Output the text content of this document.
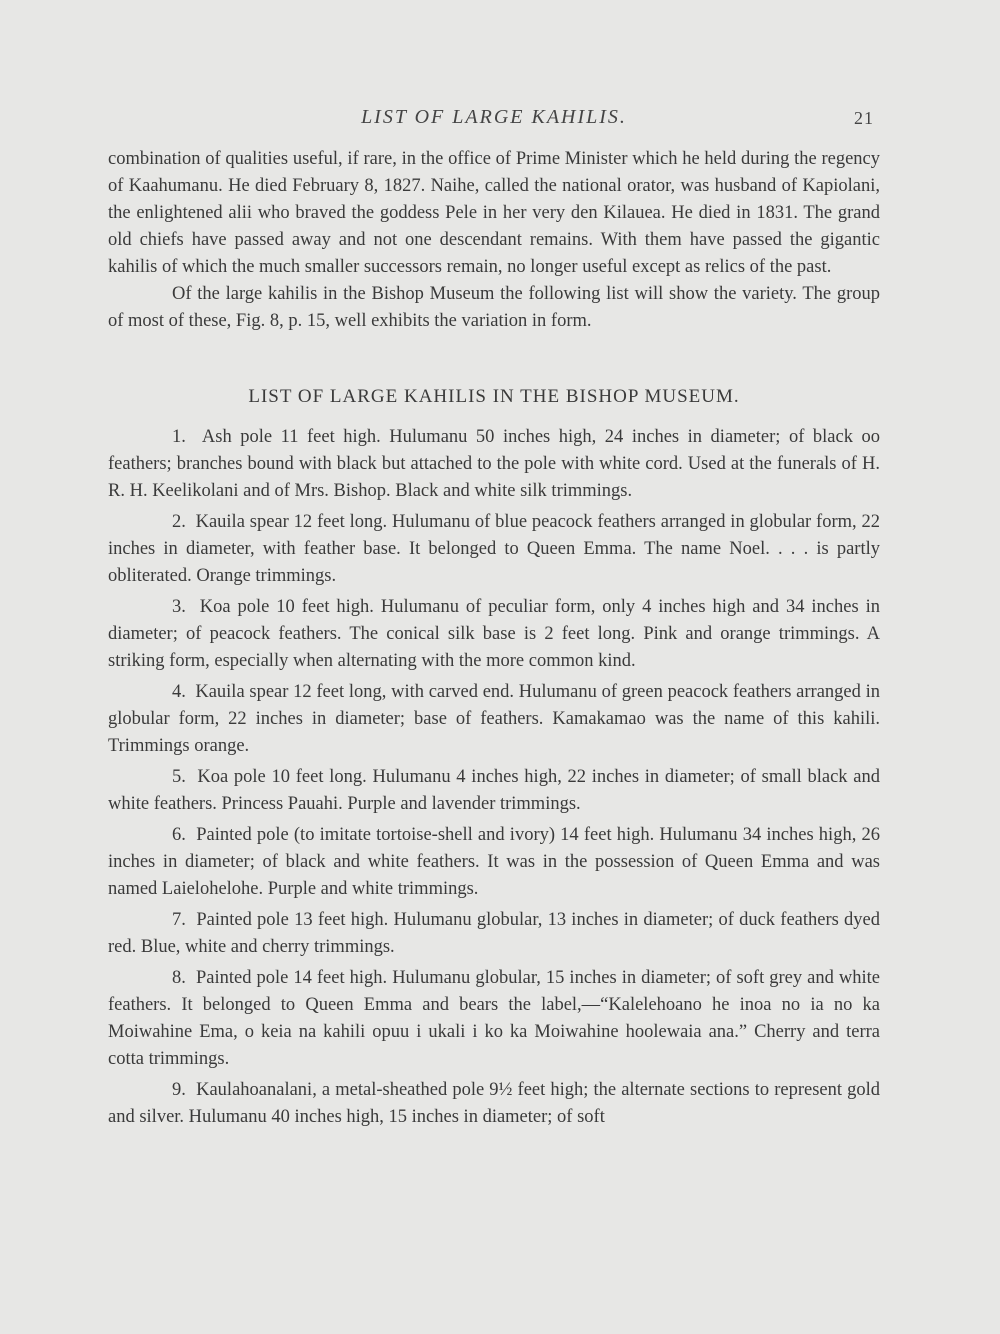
LIST OF LARGE KAHILIS.	21

combination of qualities useful, if rare, in the office of Prime Minister which he held during the regency of Kaahumanu. He died February 8, 1827. Naihe, called the national orator, was husband of Kapiolani, the enlightened alii who braved the goddess Pele in her very den Kilauea. He died in 1831. The grand old chiefs have passed away and not one descendant remains. With them have passed the gigantic kahilis of which the much smaller successors remain, no longer useful except as relics of the past.

Of the large kahilis in the Bishop Museum the following list will show the variety. The group of most of these, Fig. 8, p. 15, well exhibits the variation in form.

LIST OF LARGE KAHILIS IN THE BISHOP MUSEUM.

1. Ash pole 11 feet high. Hulumanu 50 inches high, 24 inches in diameter; of black oo feathers; branches bound with black but attached to the pole with white cord. Used at the funerals of H. R. H. Keelikolani and of Mrs. Bishop. Black and white silk trimmings.

2. Kauila spear 12 feet long. Hulumanu of blue peacock feathers arranged in globular form, 22 inches in diameter, with feather base. It belonged to Queen Emma. The name Noel. . . . is partly obliterated. Orange trimmings.

3. Koa pole 10 feet high. Hulumanu of peculiar form, only 4 inches high and 34 inches in diameter; of peacock feathers. The conical silk base is 2 feet long. Pink and orange trimmings. A striking form, especially when alternating with the more common kind.

4. Kauila spear 12 feet long, with carved end. Hulumanu of green peacock feathers arranged in globular form, 22 inches in diameter; base of feathers. Kamakamao was the name of this kahili. Trimmings orange.

5. Koa pole 10 feet long. Hulumanu 4 inches high, 22 inches in diameter; of small black and white feathers. Princess Pauahi. Purple and lavender trimmings.

6. Painted pole (to imitate tortoise-shell and ivory) 14 feet high. Hulumanu 34 inches high, 26 inches in diameter; of black and white feathers. It was in the possession of Queen Emma and was named Laielohelohe. Purple and white trimmings.

7. Painted pole 13 feet high. Hulumanu globular, 13 inches in diameter; of duck feathers dyed red. Blue, white and cherry trimmings.

8. Painted pole 14 feet high. Hulumanu globular, 15 inches in diameter; of soft grey and white feathers. It belonged to Queen Emma and bears the label,—“Kalelehoano he inoa no ia no ka Moiwahine Ema, o keia na kahili opuu i ukali i ko ka Moiwahine hoolewaia ana.” Cherry and terra cotta trimmings.

9. Kaulahoanalani, a metal-sheathed pole 9½ feet high; the alternate sections to represent gold and silver. Hulumanu 40 inches high, 15 inches in diameter; of soft
